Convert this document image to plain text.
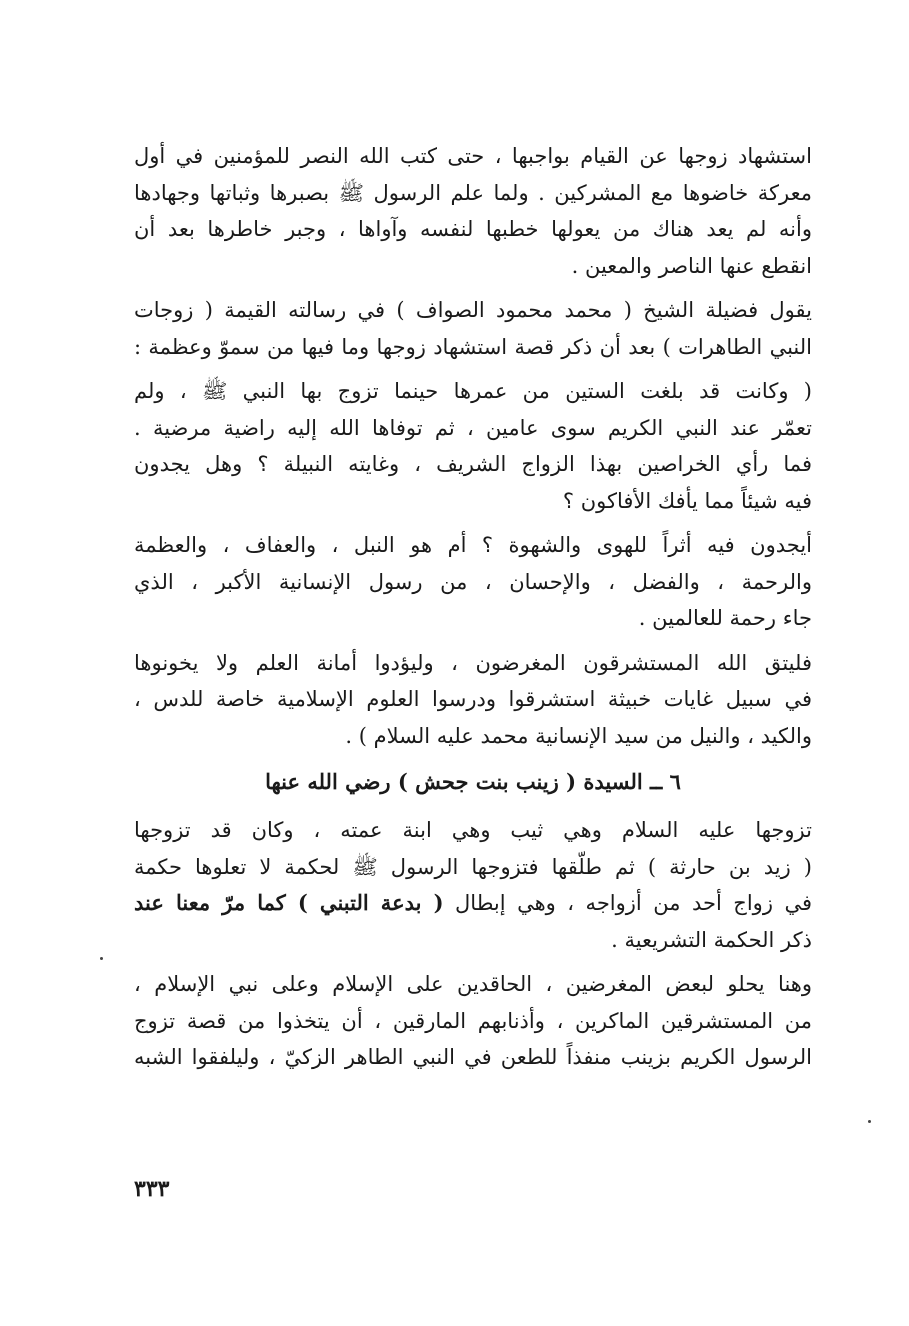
استشهاد زوجها عن القيام بواجبها ، حتى كتب الله النصر للمؤمنين في أول
معركة خاضوها مع المشركين . ولما علم الرسول ﷺ بصبرها وثباتها وجهادها
وأنه لم يعد هناك من يعولها خطبها لنفسه وآواها ، وجبر خاطرها بعد أن
انقطع عنها الناصر والمعين .

يقول فضيلة الشيخ ( محمد محمود الصواف ) في رسالته القيمة ( زوجات
النبي الطاهرات ) بعد أن ذكر قصة استشهاد زوجها وما فيها من سموّ وعظمة :

( وكانت قد بلغت الستين من عمرها حينما تزوج بها النبي ﷺ ، ولم
تعمّر عند النبي الكريم سوى عامين ، ثم توفاها الله إليه راضية مرضية .
فما رأي الخراصين بهذا الزواج الشريف ، وغايته النبيلة ؟ وهل يجدون
فيه شيئاً مما يأفك الأفاكون ؟

أيجدون فيه أثراً للهوى والشهوة ؟ أم هو النبل ، والعفاف ، والعظمة
والرحمة ، والفضل ، والإحسان ، من رسول الإنسانية الأكبر ، الذي
جاء رحمة للعالمين .

فليتق الله المستشرقون المغرضون ، وليؤدوا أمانة العلم ولا يخونوها
في سبيل غايات خبيثة استشرقوا ودرسوا العلوم الإسلامية خاصة للدس ،
والكيد ، والنيل من سيد الإنسانية محمد عليه السلام ) .

٦ ــ السيدة ( زينب بنت جحش ) رضي الله عنها

تزوجها عليه السلام وهي ثيب وهي ابنة عمته ، وكان قد تزوجها
( زيد بن حارثة ) ثم طلّقها فتزوجها الرسول ﷺ لحكمة لا تعلوها حكمة
في زواج أحد من أزواجه ، وهي إبطال ( بدعة التبني ) كما مرّ معنا عند
ذكر الحكمة التشريعية .

وهنا يحلو لبعض المغرضين ، الحاقدين على الإسلام وعلى نبي الإسلام ،
من المستشرقين الماكرين ، وأذنابهم المارقين ، أن يتخذوا من قصة تزوج
الرسول الكريم بزينب منفذاً للطعن في النبي الطاهر الزكيّ ، وليلفقوا الشبه

٣٣٣
